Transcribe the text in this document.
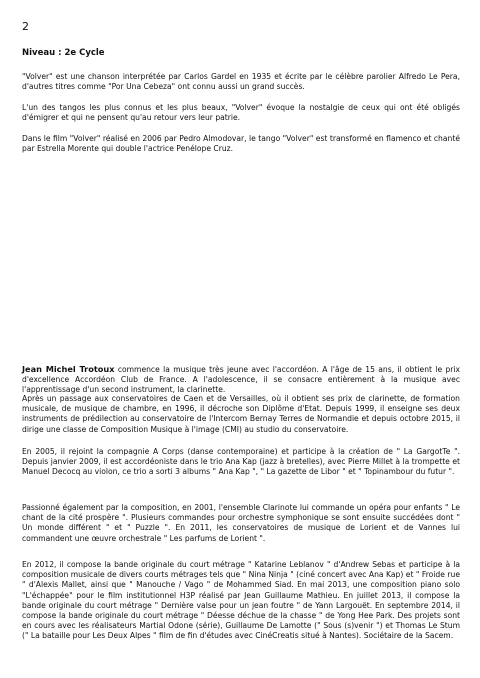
2
Niveau : 2e Cycle

"Volver" est une chanson interprétée par Carlos Gardel en 1935 et écrite par le célèbre parolier Alfredo Le Pera, d'autres titres comme "Por Una Cebeza" ont connu aussi un grand succès.

L'un des tangos les plus connus et les plus beaux, "Volver" évoque la nostalgie de ceux qui ont été obligés d'émigrer et qui ne pensent qu'au retour vers leur patrie.

Dans le film "Volver" réalisé en 2006 par Pedro Almodovar, le tango "Volver" est transformé en flamenco et chanté par Estrella Morente qui double l'actrice Penélope Cruz.

Jean Michel Trotoux commence la musique très jeune avec l'accordéon. A l'âge de 15 ans, il obtient le prix d'excellence Accordéon Club de France. A l'adolescence, il se consacre entièrement à la musique avec l'apprentissage d'un second instrument, la clarinette.

Après un passage aux conservatoires de Caen et de Versailles, où il obtient ses prix de clarinette, de formation musicale, de musique de chambre, en 1996, il décroche son Diplôme d'Etat. Depuis 1999, il enseigne ses deux instruments de prédilection au conservatoire de l'Intercom Bernay Terres de Normandie et depuis octobre 2015, il dirige une classe de Composition Musique à l'image (CMI) au studio du conservatoire.

En 2005, il rejoint la compagnie A Corps (danse contemporaine) et participe à la création de " La GargotTe ". Depuis janvier 2009, il est accordéoniste dans le trio Ana Kap (jazz à bretelles), avec Pierre Millet à la trompette et Manuel Decocq au violon, ce trio a sorti 3 albums " Ana Kap ", " La gazette de Libor " et " Topinambour du futur ".

Passionné également par la composition, en 2001, l'ensemble Clarinote lui commande un opéra pour enfants " Le chant de la cité prospère ". Plusieurs commandes pour orchestre symphonique se sont ensuite succédées dont " Un monde différent " et " Puzzle ". En 2011, les conservatoires de musique de Lorient et de Vannes lui commandent une œuvre orchestrale " Les parfums de Lorient ".

En 2012, il compose la bande originale du court métrage " Katarine Leblanov " d'Andrew Sebas et participe à la composition musicale de divers courts métrages tels que " Nina Ninja " (ciné concert avec Ana Kap) et " Froide rue " d'Alexis Mallet, ainsi que " Manouche / Vago " de Mohammed Siad. En mai 2013, une composition piano solo "L'échappée" pour le film institutionnel H3P réalisé par Jean Guillaume Mathieu. En juillet 2013, il compose la bande originale du court métrage " Dernière valse pour un jean foutre " de Yann Largouët. En septembre 2014, il compose la bande originale du court métrage " Déesse déchue de la chasse " de Yong Hee Park. Des projets sont en cours avec les réalisateurs Martial Odone (série), Guillaume De Lamotte (" Sous (s)venir ") et Thomas Le Stum (" La bataille pour Les Deux Alpes " film de fin d'études avec CinéCreatis situé à Nantes). Sociétaire de la Sacem.
